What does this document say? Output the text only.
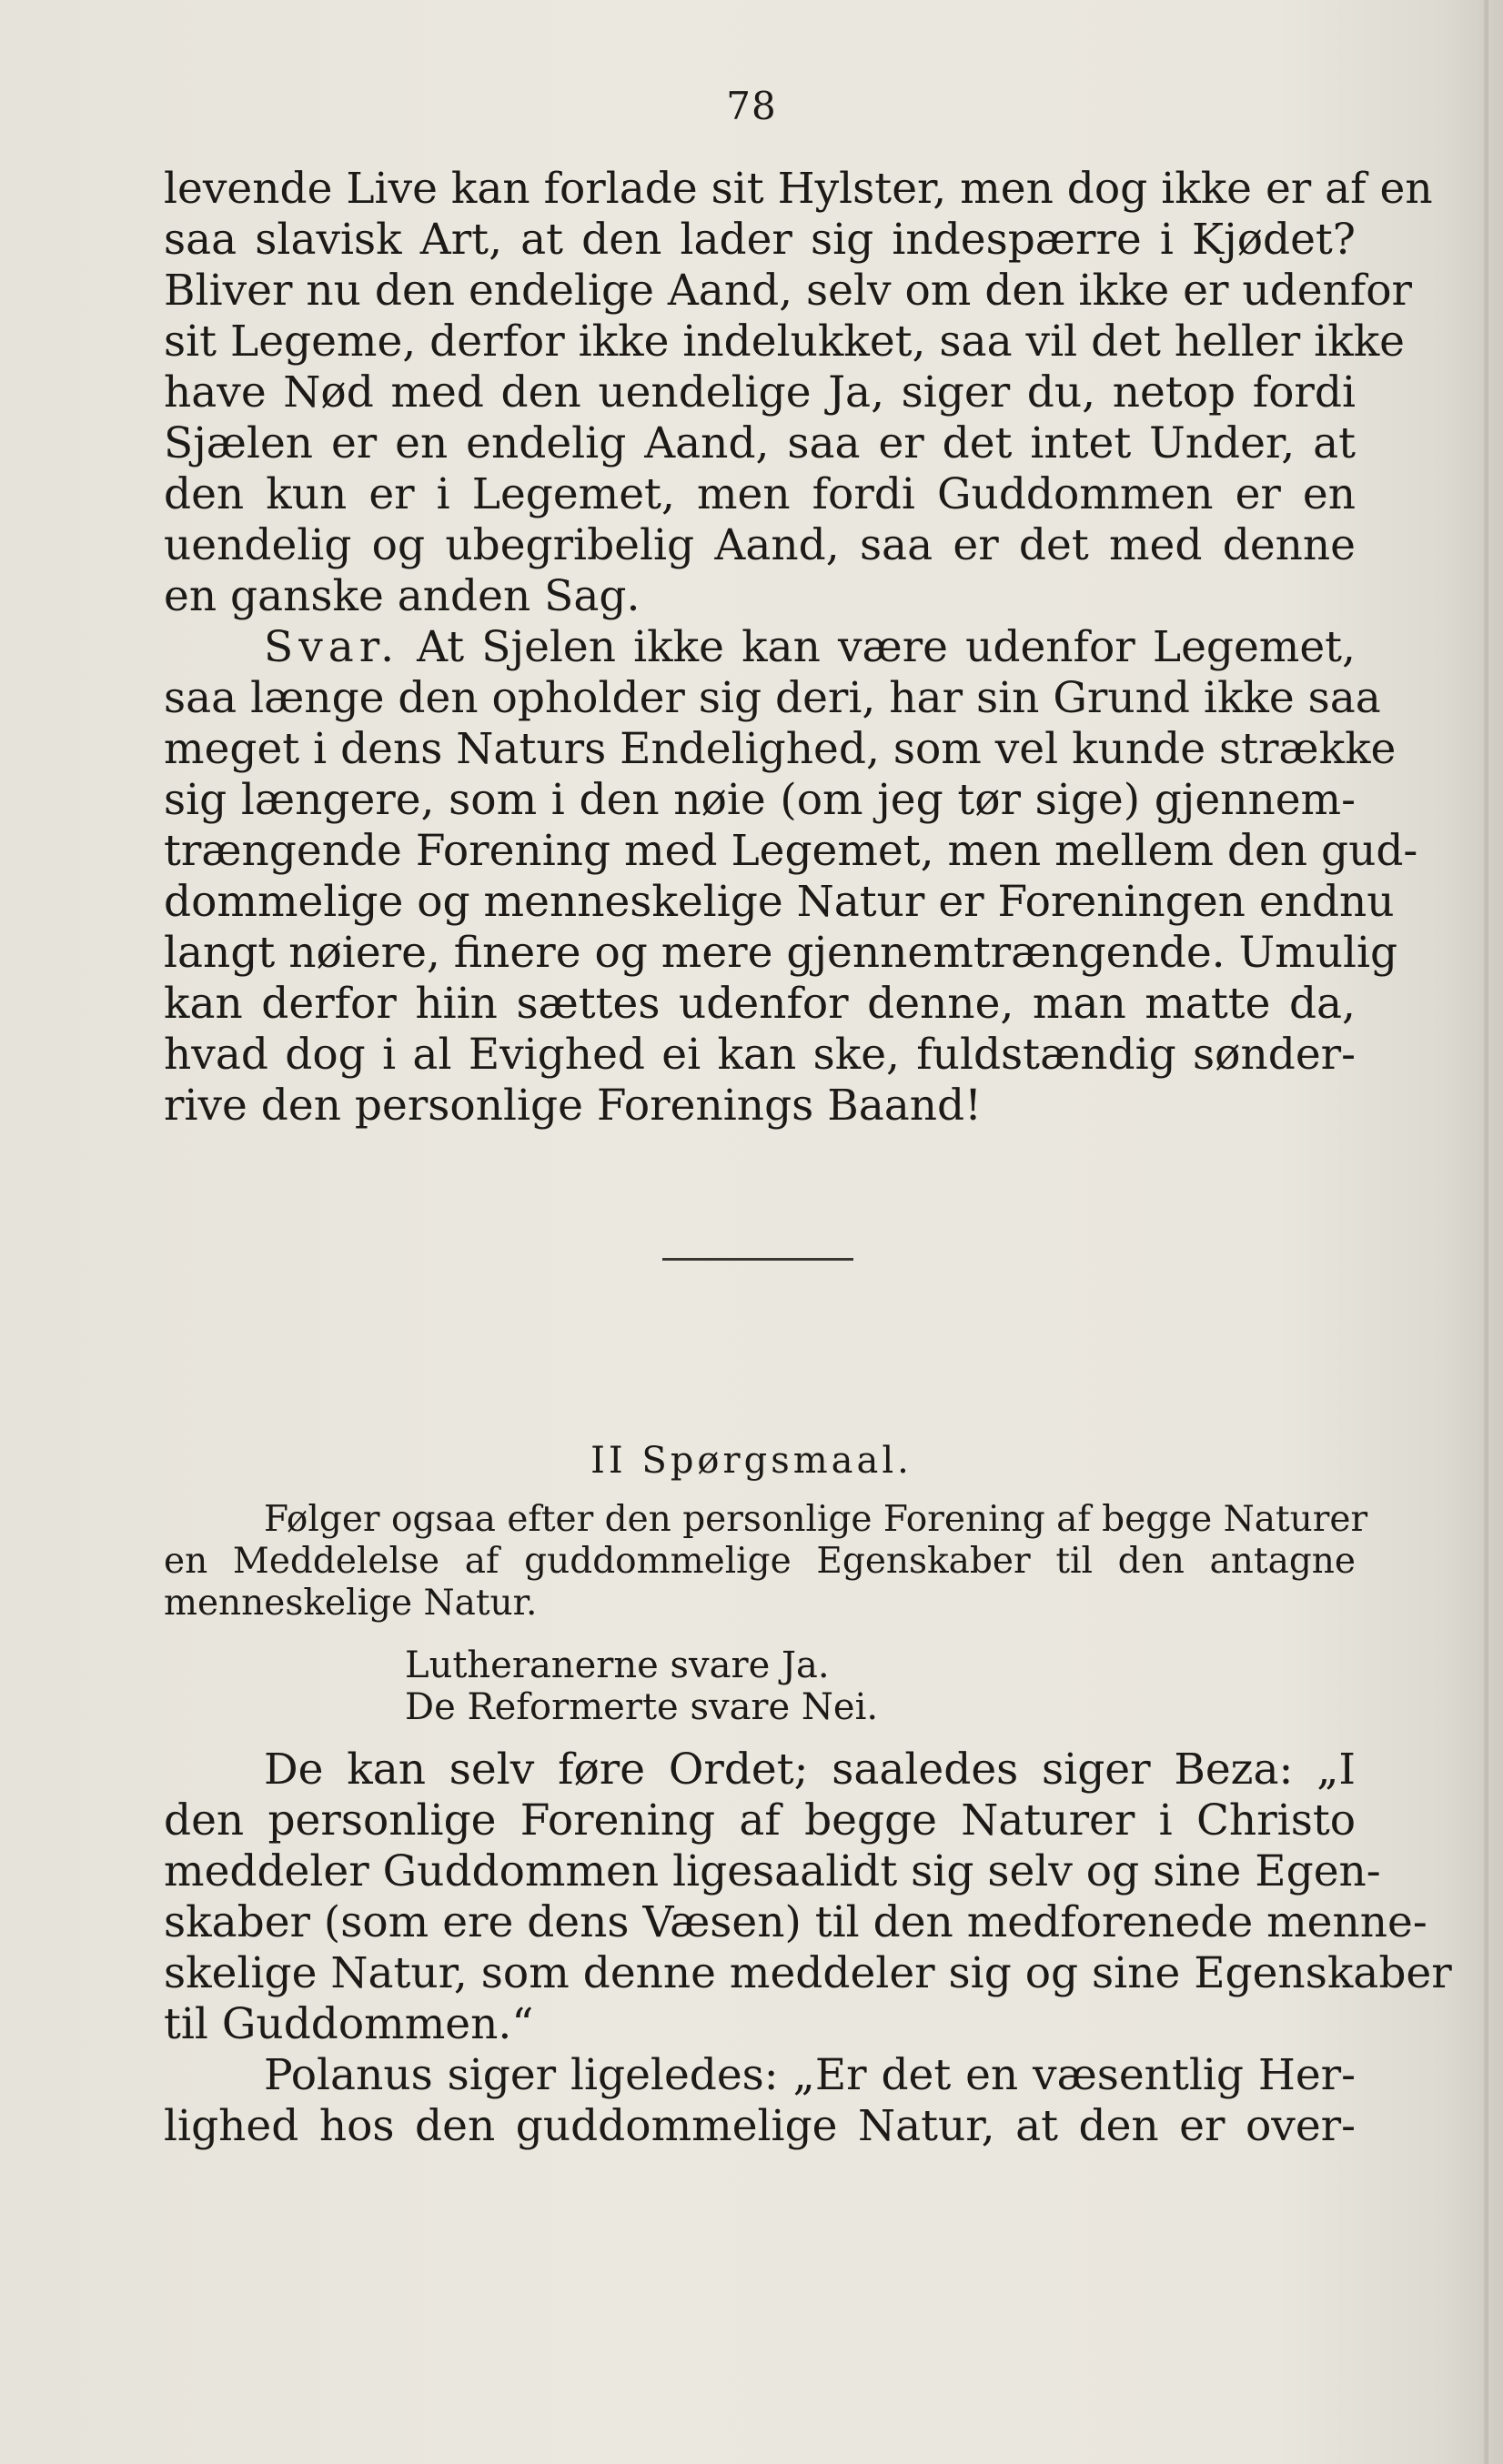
78
levende Live kan forlade sit Hylster, men dog ikke er af en
saa slavisk Art, at den lader sig indespærre i Kjødet?
Bliver nu den endelige Aand, selv om den ikke er udenfor
sit Legeme, derfor ikke indelukket, saa vil det heller ikke
have Nød med den uendelige Ja, siger du, netop fordi
Sjælen er en endelig Aand, saa er det intet Under, at
den kun er i Legemet, men fordi Guddommen er en
uendelig og ubegribelig Aand, saa er det med denne
en ganske anden Sag.
Svar. At Sjelen ikke kan være udenfor Legemet,
saa længe den opholder sig deri, har sin Grund ikke saa
meget i dens Naturs Endelighed, som vel kunde strække
sig længere, som i den nøie (om jeg tør sige) gjennem-
trængende Forening med Legemet, men mellem den gud-
dommelige og menneskelige Natur er Foreningen endnu
langt nøiere, finere og mere gjennemtrængende. Umulig
kan derfor hiin sættes udenfor denne, man matte da,
hvad dog i al Evighed ei kan ske, fuldstændig sønder-
rive den personlige Forenings Baand!
II Spørgsmaal.
Følger ogsaa efter den personlige Forening af begge Naturer
en Meddelelse af guddommelige Egenskaber til den antagne
menneskelige Natur.
Lutheranerne svare Ja.
De Reformerte svare Nei.
De kan selv føre Ordet; saaledes siger Beza: „I
den personlige Forening af begge Naturer i Christo
meddeler Guddommen ligesaalidt sig selv og sine Egen-
skaber (som ere dens Væsen) til den medforenede menne-
skelige Natur, som denne meddeler sig og sine Egenskaber
til Guddommen.“
Polanus siger ligeledes: „Er det en væsentlig Her-
lighed hos den guddommelige Natur, at den er over-
